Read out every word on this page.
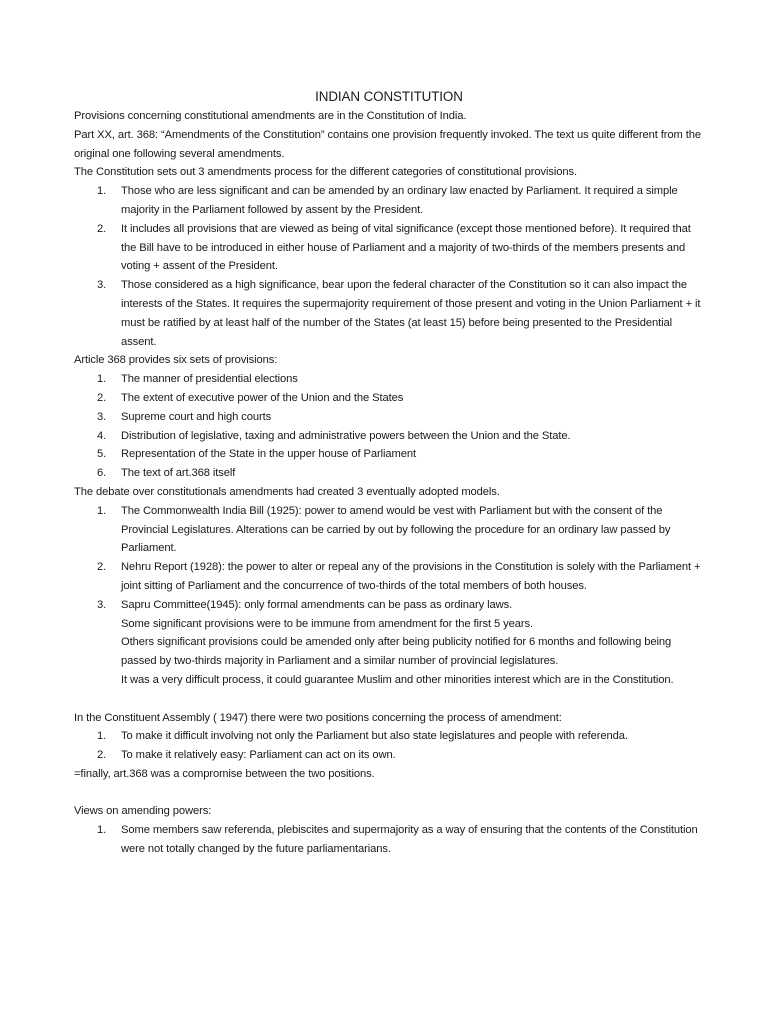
INDIAN CONSTITUTION

Provisions concerning constitutional amendments are in the Constitution of India.

Part XX, art. 368: “Amendments of the Constitution” contains one provision frequently invoked. The text us quite different from the original one following several amendments.

The Constitution sets out 3 amendments process for the different categories of constitutional provisions.

1. Those who are less significant and can be amended by an ordinary law enacted by Parliament. It required a simple majority in the Parliament followed by assent by the President.
2. It includes all provisions that are viewed as being of vital significance (except those mentioned before). It required that the Bill have to be introduced in either house of Parliament and a majority of two-thirds of the members presents and voting + assent of the President.
3. Those considered as a high significance, bear upon the federal character of the Constitution so it can also impact the interests of the States. It requires the supermajority requirement of those present and voting in the Union Parliament + it must be ratified by at least half of the number of the States (at least 15) before being presented to the Presidential assent.

Article 368 provides six sets of provisions:

1. The manner of presidential elections
2. The extent of executive power of the Union and the States
3. Supreme court and high courts
4. Distribution of legislative, taxing and administrative powers between the Union and the State.
5. Representation of the State in the upper house of Parliament
6. The text of art.368 itself

The debate over constitutionals amendments had created 3 eventually adopted models.

1. The Commonwealth India Bill (1925): power to amend would be vest with Parliament but with the consent of the Provincial Legislatures. Alterations can be carried by out by following the procedure for an ordinary law passed by Parliament.
2. Nehru Report (1928): the power to alter or repeal any of the provisions in the Constitution is solely with the Parliament + joint sitting of Parliament and the concurrence of two-thirds of the total members of both houses.
3. Sapru Committee(1945): only formal amendments can be pass as ordinary laws.
Some significant provisions were to be immune from amendment for the first 5 years.
Others significant provisions could be amended only after being publicity notified for 6 months and following being passed by two-thirds majority in Parliament and a similar number of provincial legislatures.
It was a very difficult process, it could guarantee Muslim and other minorities interest which are in the Constitution.

In the Constituent Assembly ( 1947) there were two positions concerning the process of amendment:

1. To make it difficult involving not only the Parliament but also state legislatures and people with referenda.
2. To make it relatively easy: Parliament can act on its own.

=finally, art.368 was a compromise between the two positions.

Views on amending powers:

1. Some members saw referenda, plebiscites and supermajority as a way of ensuring that the contents of the Constitution were not totally changed by the future parliamentarians.
